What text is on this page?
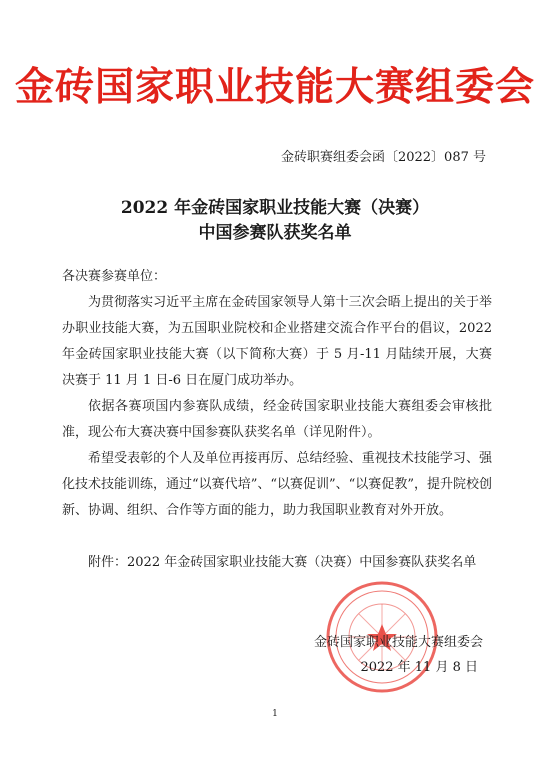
金砖国家职业技能大赛组委会
金砖职赛组委会函〔2022〕087 号
2022 年金砖国家职业技能大赛（决赛）
中国参赛队获奖名单

各决赛参赛单位：

为贯彻落实习近平主席在金砖国家领导人第十三次会晤上提出的关于举办职业技能大赛，为五国职业院校和企业搭建交流合作平台的倡议，2022 年金砖国家职业技能大赛（以下简称大赛）于 5 月-11 月陆续开展，大赛决赛于 11 月 1 日-6 日在厦门成功举办。

依据各赛项国内参赛队成绩，经金砖国家职业技能大赛组委会审核批准，现公布大赛决赛中国参赛队获奖名单（详见附件）。

希望受表彰的个人及单位再接再厉、总结经验、重视技术技能学习、强化技术技能训练，通过“以赛代培”、“以赛促训”、“以赛促教”，提升院校创新、协调、组织、合作等方面的能力，助力我国职业教育对外开放。

附件：2022 年金砖国家职业技能大赛（决赛）中国参赛队获奖名单

金砖国家职业技能大赛组委会
2022 年 11 月 8 日
1
